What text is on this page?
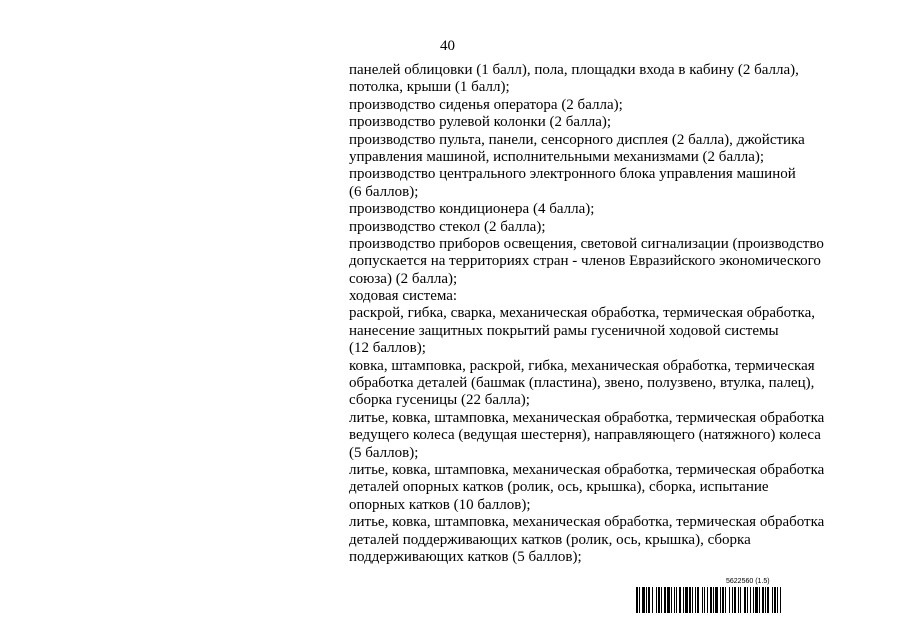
40
панелей облицовки (1 балл), пола, площадки входа в кабину (2 балла),
потолка, крыши (1 балл);
производство сиденья оператора (2 балла);
производство рулевой колонки (2 балла);
производство пульта, панели, сенсорного дисплея (2 балла), джойстика
управления машиной, исполнительными механизмами (2 балла);
производство центрального электронного блока управления машиной
(6 баллов);
производство кондиционера (4 балла);
производство стекол (2 балла);
производство приборов освещения, световой сигнализации (производство
допускается на территориях стран - членов Евразийского экономического
союза) (2 балла);
ходовая система:
раскрой, гибка, сварка, механическая обработка, термическая обработка,
нанесение защитных покрытий рамы гусеничной ходовой системы
(12 баллов);
ковка, штамповка, раскрой, гибка, механическая обработка, термическая
обработка деталей (башмак (пластина), звено, полузвено, втулка, палец),
сборка гусеницы (22 балла);
литье, ковка, штамповка, механическая обработка, термическая обработка
ведущего колеса (ведущая шестерня), направляющего (натяжного) колеса
(5 баллов);
литье, ковка, штамповка, механическая обработка, термическая обработка
деталей опорных катков (ролик, ось, крышка), сборка, испытание
опорных катков (10 баллов);
литье, ковка, штамповка, механическая обработка, термическая обработка
деталей поддерживающих катков (ролик, ось, крышка), сборка
поддерживающих катков (5 баллов);
5622560 (1.5)
